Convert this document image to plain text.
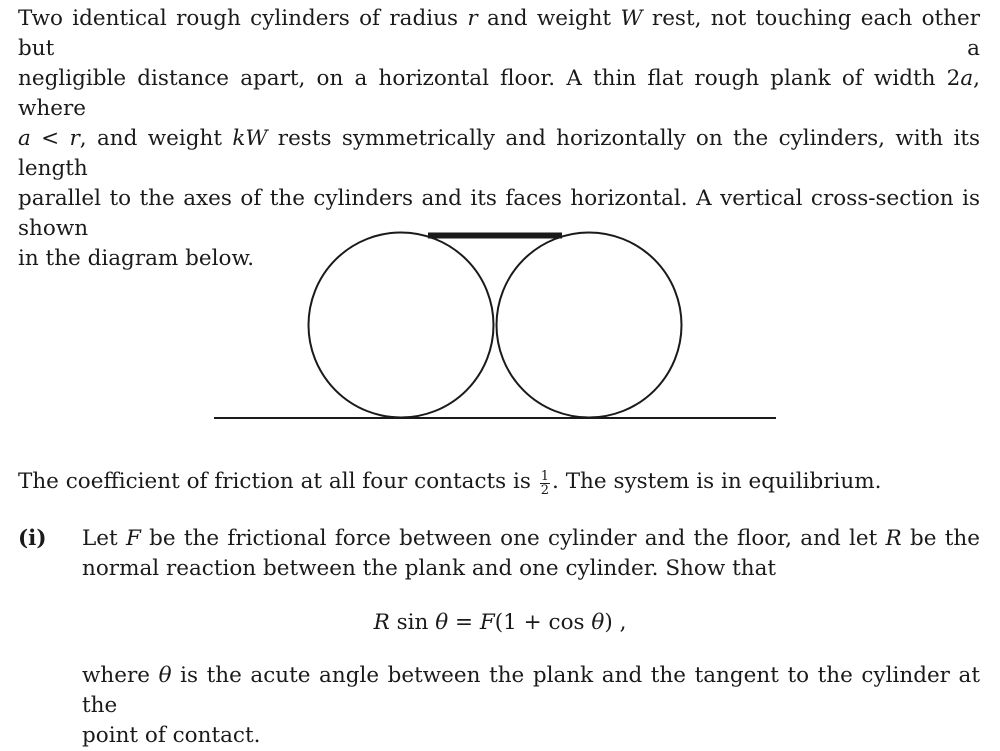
Two identical rough cylinders of radius r and weight W rest, not touching each other but a
negligible distance apart, on a horizontal floor. A thin flat rough plank of width 2a, where
a < r, and weight kW rests symmetrically and horizontally on the cylinders, with its length
parallel to the axes of the cylinders and its faces horizontal. A vertical cross-section is shown
in the diagram below.
The coefficient of friction at all four contacts is $\frac{1}{2}$ . The system is in equilibrium.
(i) Let F be the frictional force between one cylinder and the floor, and let R be the
normal reaction between the plank and one cylinder. Show that
R sin θ = F(1 + cos θ) ,
where θ is the acute angle between the plank and the tangent to the cylinder at the
point of contact.
